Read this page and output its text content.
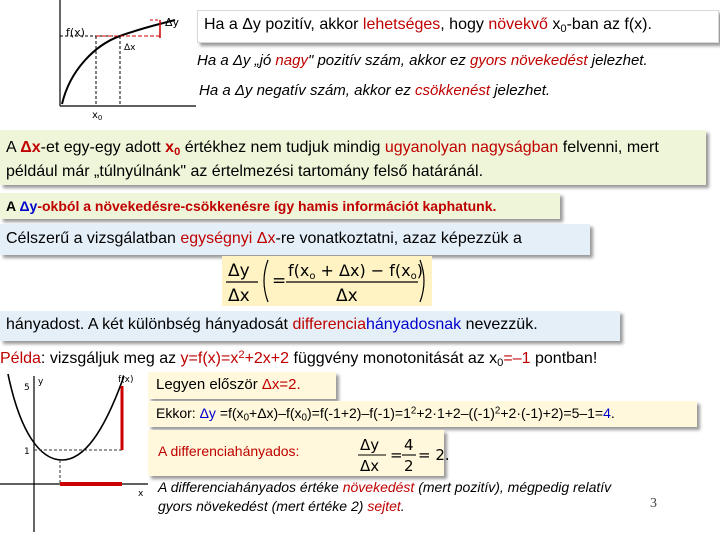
f(x)
Δy
Δx
$x_0$
Ha a Δy pozitív, akkor lehetséges, hogy növekvő $x_0$-ban az f(x).
Ha a Δy „jó nagy" pozitív szám, akkor ez gyors növekedést jelezhet.
Ha a Δy negatív szám, akkor ez csökkenést jelezhet.
A Δx-et egy-egy adott $x_0$ értékhez nem tudjuk mindig ugyanolyan nagyságban felvenni, mert például már „túlnyúlnánk" az értelmezési tartomány felső határánál.
A Δy-okból a növekedésre-csökkenésre így hamis információt kaphatunk.
Célszerű a vizsgálatban egységnyi Δx-re vonatkoztatni, azaz képezzük a
Δy
Δx
=
f(xo + Δx) − f(xo)
Δx
hányadost. A két különbség hányadosát differenciahányadosnak nevezzük.
Példa: vizsgáljuk meg az $y=f(x)=x^2+2x+2$ függvény monotonitását az $x_0=-1$ pontban!
y	f(x)
5
1
x
Legyen először Δx=2.
Ekkor: $\Delta y =f(x_0+\Delta x)-f(x_0)=f(-1+2)-f(-1)=1^2+2\cdot 1+2-((-1)^2+2\cdot(-1)+2)=5-1=4$.
A differenciahányados:	Δy
Δx
=
4
2
= 2.
A differenciahányados értéke növekedést (mert pozitív), mégpedig relatív
gyors növekedést (mert értéke 2) sejtet.	3
